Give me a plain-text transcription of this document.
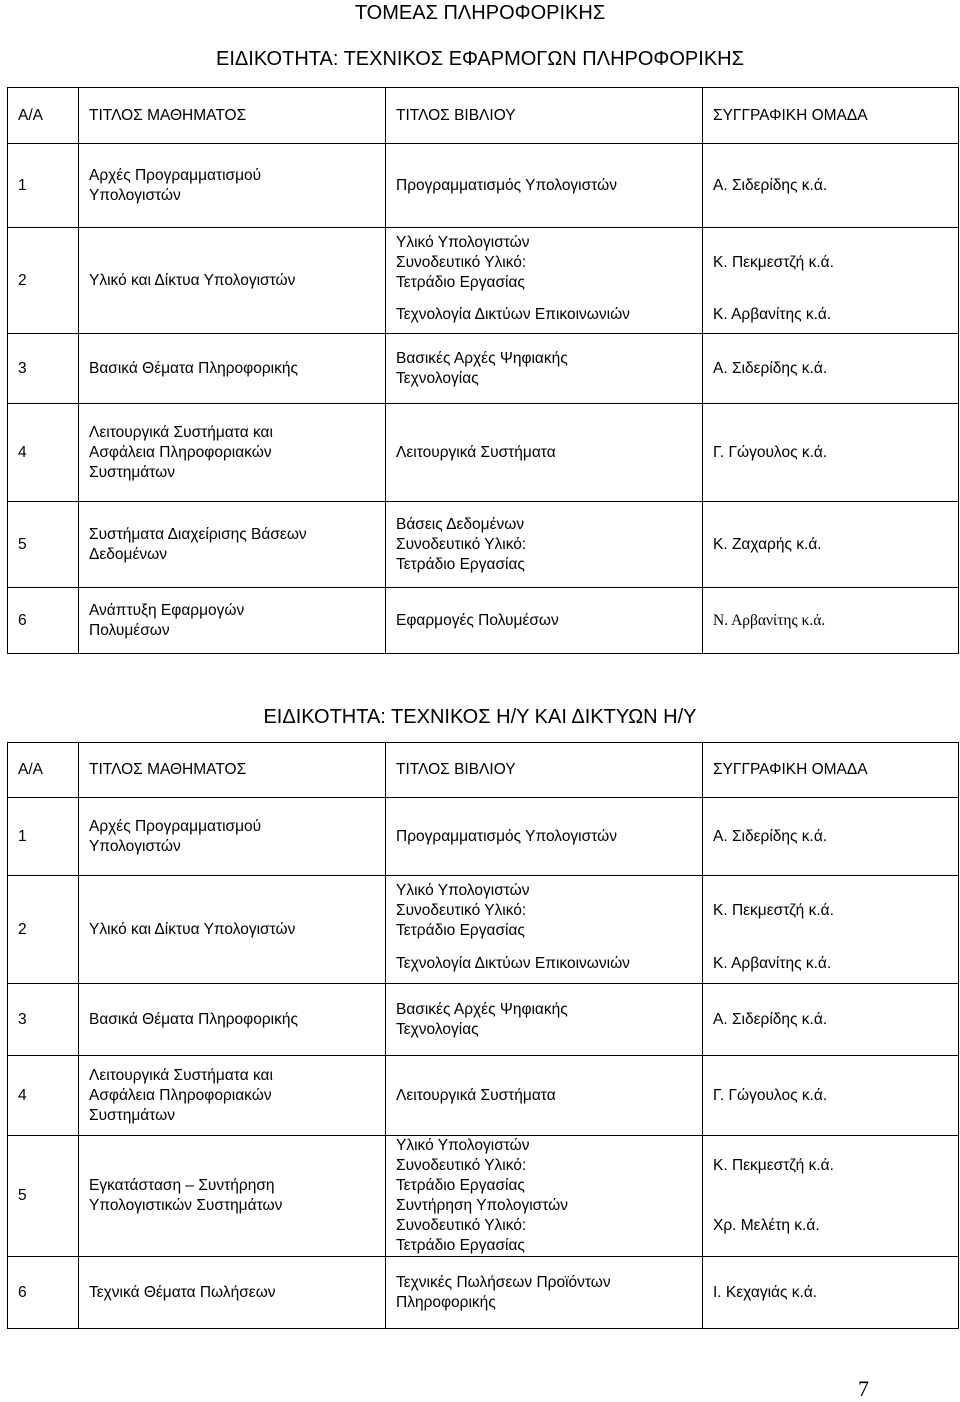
ΤΟΜΕΑΣ ΠΛΗΡΟΦΟΡΙΚΗΣ
ΕΙΔΙΚΟΤΗΤΑ: ΤΕΧΝΙΚΟΣ ΕΦΑΡΜΟΓΩΝ ΠΛΗΡΟΦΟΡΙΚΗΣ
Α/Α	ΤΙΤΛΟΣ ΜΑΘΗΜΑΤΟΣ	ΤΙΤΛΟΣ ΒΙΒΛΙΟΥ	ΣΥΓΓΡΑΦΙΚΗ ΟΜΑΔΑ
1	Αρχές Προγραμματισμού
Υπολογιστών	Προγραμματισμός Υπολογιστών	Α. Σιδερίδης κ.ά.
2	Υλικό και Δίκτυα Υπολογιστών	Υλικό Υπολογιστών
Συνοδευτικό Υλικό:
Τετράδιο Εργασίας	Κ. Πεκμεστζή κ.ά.

		Τεχνολογία Δικτύων Επικοινωνιών	Κ. Αρβανίτης κ.ά.
3	Βασικά Θέματα Πληροφορικής	Βασικές Αρχές Ψηφιακής
Τεχνολογίας	Α. Σιδερίδης κ.ά.
4	Λειτουργικά Συστήματα και
Ασφάλεια Πληροφοριακών
Συστημάτων	Λειτουργικά Συστήματα	Γ. Γώγουλος κ.ά.
5	Συστήματα Διαχείρισης Βάσεων
Δεδομένων	Βάσεις Δεδομένων
Συνοδευτικό Υλικό:
Τετράδιο Εργασίας	Κ. Ζαχαρής κ.ά.
6	Ανάπτυξη Εφαρμογών
Πολυμέσων	Εφαρμογές Πολυμέσων	Ν. Αρβανίτης κ.ά.
ΕΙΔΙΚΟΤΗΤΑ: ΤΕΧΝΙΚΟΣ Η/Υ ΚΑΙ ΔΙΚΤΥΩΝ Η/Υ
Α/Α	ΤΙΤΛΟΣ ΜΑΘΗΜΑΤΟΣ	ΤΙΤΛΟΣ ΒΙΒΛΙΟΥ	ΣΥΓΓΡΑΦΙΚΗ ΟΜΑΔΑ
1	Αρχές Προγραμματισμού
Υπολογιστών	Προγραμματισμός Υπολογιστών	Α. Σιδερίδης κ.ά.
2	Υλικό και Δίκτυα Υπολογιστών	Υλικό Υπολογιστών
Συνοδευτικό Υλικό:
Τετράδιο Εργασίας	Κ. Πεκμεστζή κ.ά.

		Τεχνολογία Δικτύων Επικοινωνιών	Κ. Αρβανίτης κ.ά.
3	Βασικά Θέματα Πληροφορικής	Βασικές Αρχές Ψηφιακής
Τεχνολογίας	Α. Σιδερίδης κ.ά.
4	Λειτουργικά Συστήματα και
Ασφάλεια Πληροφοριακών
Συστημάτων	Λειτουργικά Συστήματα	Γ. Γώγουλος κ.ά.
5	Εγκατάσταση – Συντήρηση
Υπολογιστικών Συστημάτων	Υλικό Υπολογιστών
Συνοδευτικό Υλικό:
Τετράδιο Εργασίας	Κ. Πεκμεστζή κ.ά.

		Συντήρηση Υπολογιστών
Συνοδευτικό Υλικό:
Τετράδιο Εργασίας	Χρ. Μελέτη κ.ά.
6	Τεχνικά Θέματα Πωλήσεων	Τεχνικές Πωλήσεων Προϊόντων
Πληροφορικής	Ι. Κεχαγιάς κ.ά.
7
